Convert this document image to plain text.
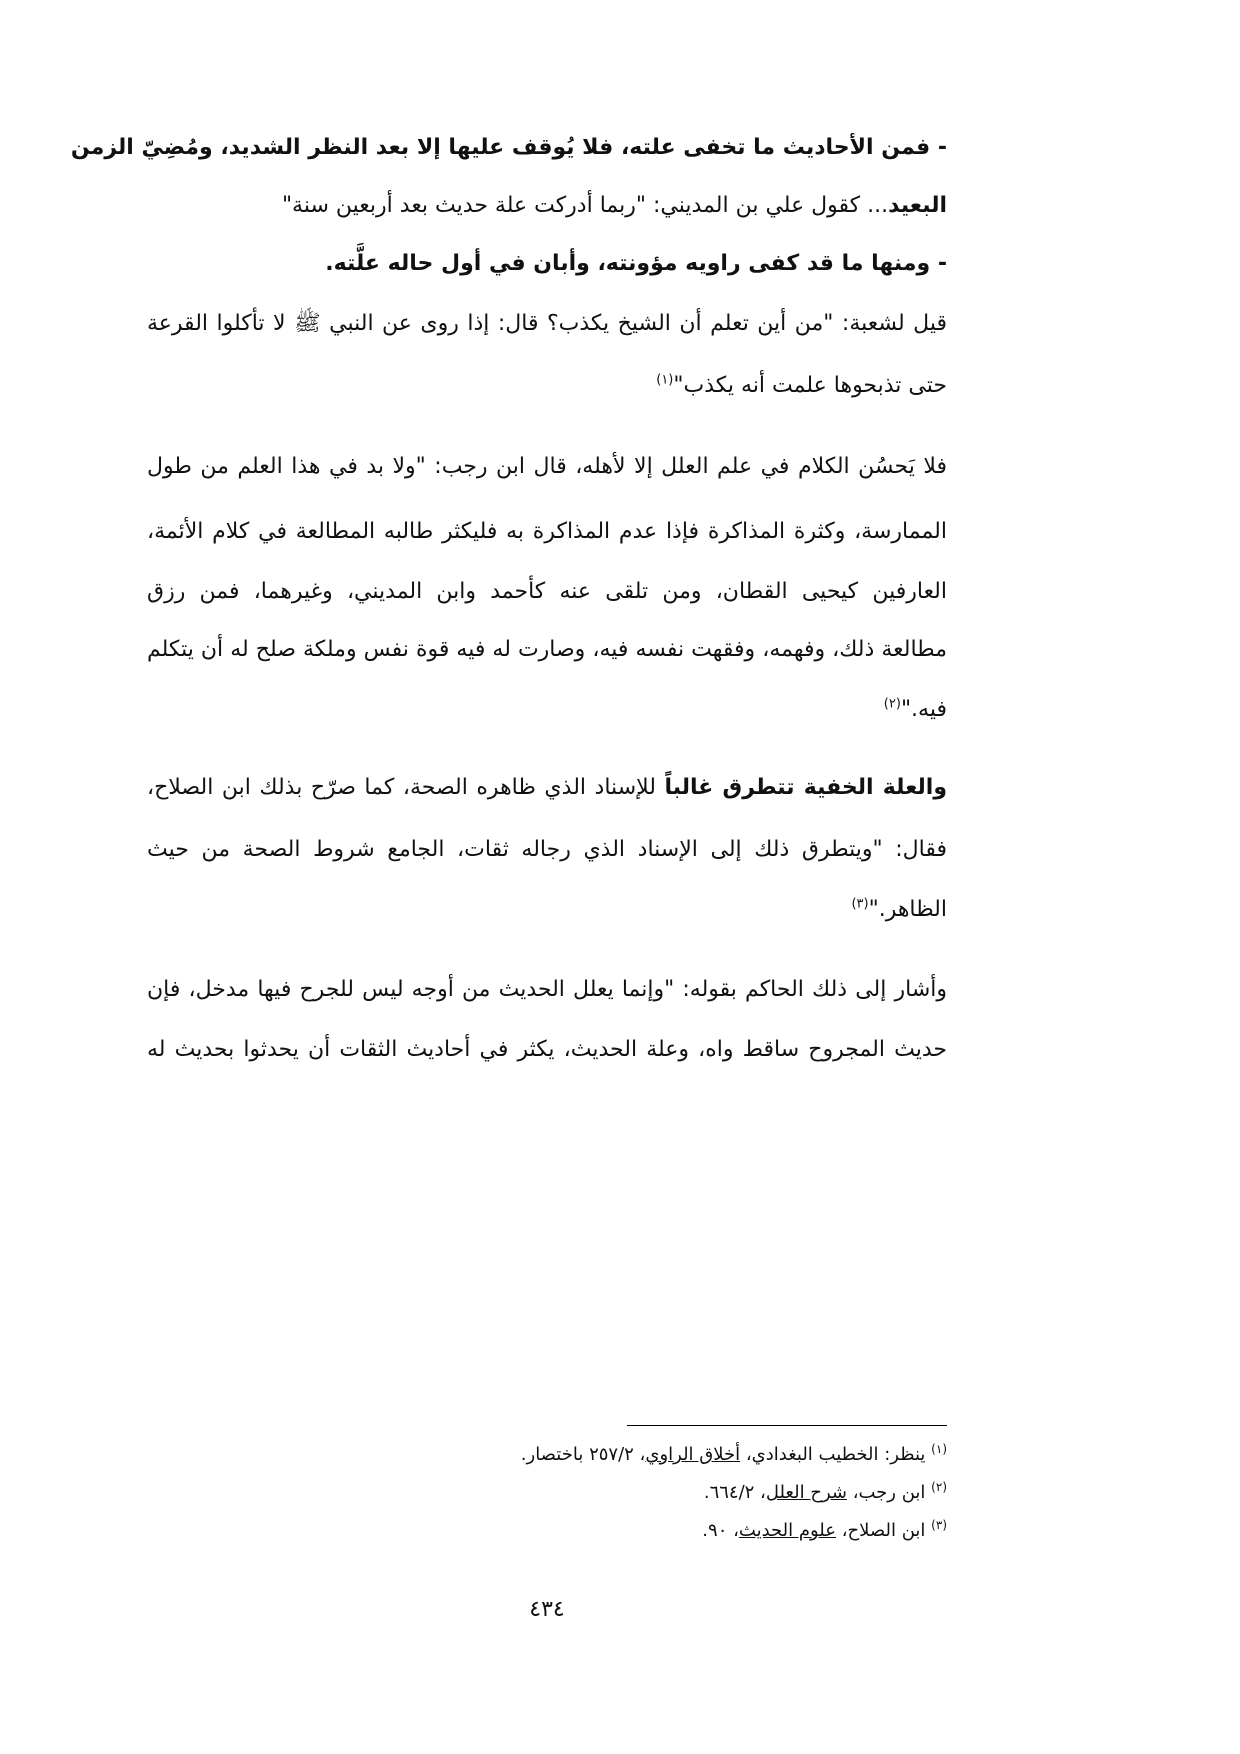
- فمن الأحاديث ما تخفى علته، فلا يُوقف عليها إلا بعد النظر الشديد، ومُضِيّ الزمن
البعيد... كقول علي بن المديني: "ربما أدركت علة حديث بعد أربعين سنة"
- ومنها ما قد كفى راويه مؤونته، وأبان في أول حاله علَّته.
قيل لشعبة: "من أين تعلم أن الشيخ يكذب؟ قال: إذا روى عن النبي ﷺ لا تأكلوا القرعة
حتى تذبحوها علمت أنه يكذب"$^{(١)}$
فلا يَحسُن الكلام في علم العلل إلا لأهله، قال ابن رجب: "ولا بد في هذا العلم من طول
الممارسة، وكثرة المذاكرة فإذا عدم المذاكرة به فليكثر طالبه المطالعة في كلام الأئمة،
العارفين كيحيى القطان، ومن تلقى عنه كأحمد وابن المديني، وغيرهما، فمن رزق
مطالعة ذلك، وفهمه، وفقهت نفسه فيه، وصارت له فيه قوة نفس وملكة صلح له أن يتكلم
فيه."$^{(٢)}$
والعلة الخفية تتطرق غالباً للإسناد الذي ظاهره الصحة، كما صرّح بذلك ابن الصلاح،
فقال: "ويتطرق ذلك إلى الإسناد الذي رجاله ثقات، الجامع شروط الصحة من حيث
الظاهر."$^{(٣)}$
وأشار إلى ذلك الحاكم بقوله: "وإنما يعلل الحديث من أوجه ليس للجرح فيها مدخل، فإن
حديث المجروح ساقط واه، وعلة الحديث، يكثر في أحاديث الثقات أن يحدثوا بحديث له
$^{(١)}$ ينظر: الخطيب البغدادي، أخلاق الراوي، ٢٥٧/٢ باختصار.
$^{(٢)}$ ابن رجب، شرح العلل، ٦٦٤/٢.
$^{(٣)}$ ابن الصلاح، علوم الحديث، ٩٠.
٤٣٤
